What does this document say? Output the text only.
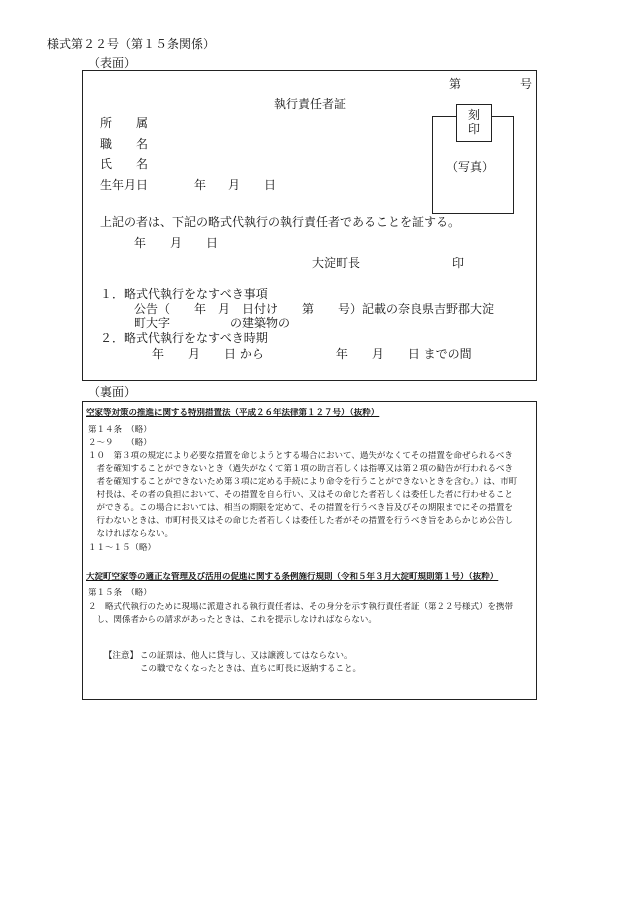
様式第２２号（第１５条関係）
（表面）
第	号
執行責任者証
所　　属
職　　名
氏　　名
生年月日	年 月 日
刻
印
（写真）
上記の者は、下記の略式代執行の執行責任者であることを証する。
年 月 日
大淀町長	印
１．略式代執行をなすべき事項
公告（　　年　月　日付け　　第　　号）記載の奈良県吉野郡大淀
町大字　　　　　の建築物の
２．略式代執行をなすべき時期
年　　月　　日 から　　　　　　年　　月　　日 までの間
（裏面）
空家等対策の推進に関する特別措置法（平成２６年法律第１２７号）（抜粋）
第１４条　（略）
２～９　　（略）
１０　第３項の規定により必要な措置を命じようとする場合において、過失がなくてその措置を命ぜられるべき
　者を確知することができないとき（過失がなくて第１項の助言若しくは指導又は第２項の勧告が行われるべき
　者を確知することができないため第３項に定める手続により命令を行うことができないときを含む。）は、市町
　村長は、その者の負担において、その措置を自ら行い、又はその命じた者若しくは委任した者に行わせること
　ができる。この場合においては、相当の期限を定めて、その措置を行うべき旨及びその期限までにその措置を
　行わないときは、市町村長又はその命じた者若しくは委任した者がその措置を行うべき旨をあらかじめ公告し
　なければならない。
１１～１５（略）
大淀町空家等の適正な管理及び活用の促進に関する条例施行規則（令和５年３月大淀町規則第１号）（抜粋）
第１５条　（略）
２　略式代執行のために現場に派遣される執行責任者は、その身分を示す執行責任者証（第２２号様式）を携帯
　し、関係者からの請求があったときは、これを提示しなければならない。
【注意】 この証票は、他人に貸与し、又は譲渡してはならない。
この職でなくなったときは、直ちに町長に返納すること。
